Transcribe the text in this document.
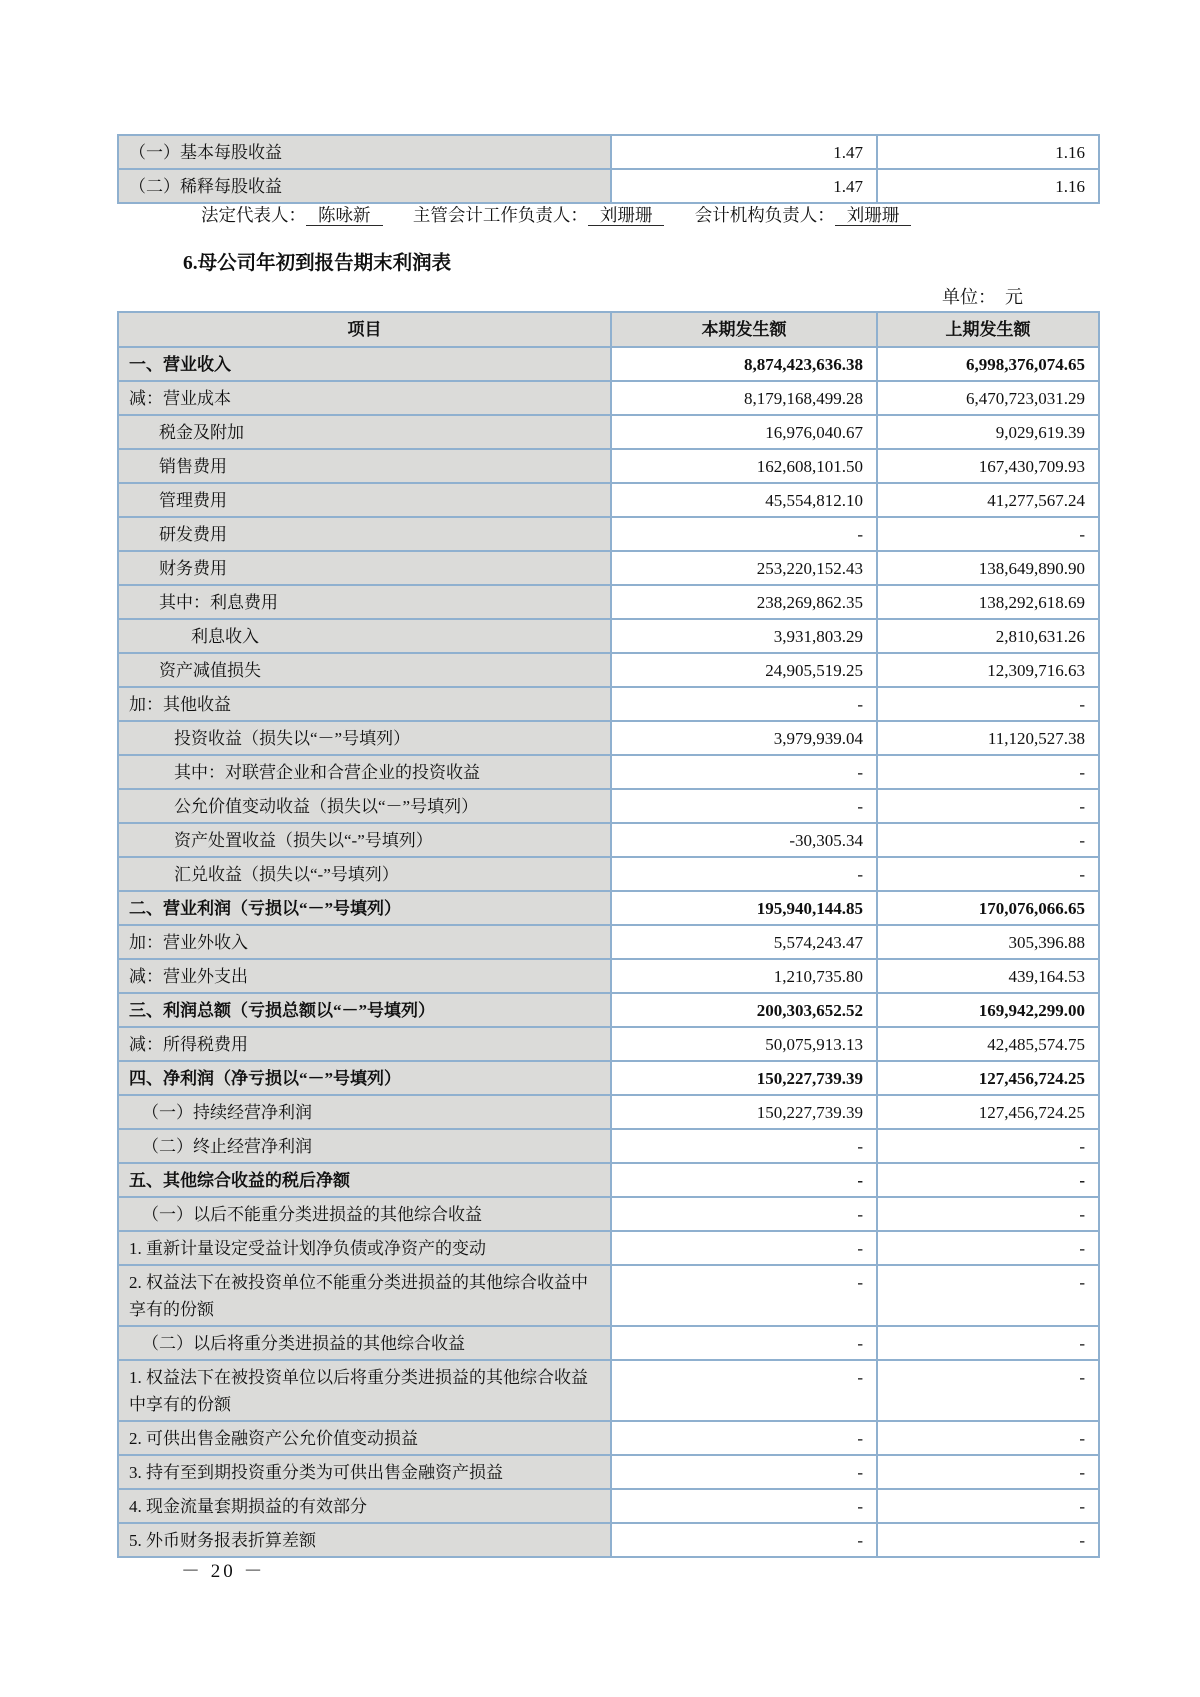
（一）基本每股收益	1.47	1.16
（二）稀释每股收益	1.47	1.16
法定代表人： 陈咏新 主管会计工作负责人： 刘珊珊 会计机构负责人： 刘珊珊
6.母公司年初到报告期末利润表
单位：　元
项目	本期发生额	上期发生额
一、营业收入	8,874,423,636.38	6,998,376,074.65
减：营业成本	8,179,168,499.28	6,470,723,031.29
税金及附加	16,976,040.67	9,029,619.39
销售费用	162,608,101.50	167,430,709.93
管理费用	45,554,812.10	41,277,567.24
研发费用	-	-
财务费用	253,220,152.43	138,649,890.90
其中：利息费用	238,269,862.35	138,292,618.69
利息收入	3,931,803.29	2,810,631.26
资产减值损失	24,905,519.25	12,309,716.63
加：其他收益	-	-
投资收益（损失以“－”号填列）	3,979,939.04	11,120,527.38
其中：对联营企业和合营企业的投资收益	-	-
公允价值变动收益（损失以“－”号填列）	-	-
资产处置收益（损失以“-”号填列）	-30,305.34	-
汇兑收益（损失以“-”号填列）	-	-
二、营业利润（亏损以“－”号填列）	195,940,144.85	170,076,066.65
加：营业外收入	5,574,243.47	305,396.88
减：营业外支出	1,210,735.80	439,164.53
三、利润总额（亏损总额以“－”号填列）	200,303,652.52	169,942,299.00
减：所得税费用	50,075,913.13	42,485,574.75
四、净利润（净亏损以“－”号填列）	150,227,739.39	127,456,724.25
（一）持续经营净利润	150,227,739.39	127,456,724.25
（二）终止经营净利润	-	-
五、其他综合收益的税后净额	-	-
（一）以后不能重分类进损益的其他综合收益	-	-
1. 重新计量设定受益计划净负债或净资产的变动	-	-
2. 权益法下在被投资单位不能重分类进损益的其他综合收益中享有的份额	-	-
（二）以后将重分类进损益的其他综合收益	-	-
1. 权益法下在被投资单位以后将重分类进损益的其他综合收益中享有的份额	-	-
2. 可供出售金融资产公允价值变动损益	-	-
3. 持有至到期投资重分类为可供出售金融资产损益	-	-
4. 现金流量套期损益的有效部分	-	-
5. 外币财务报表折算差额	-	-
－ 20 －
